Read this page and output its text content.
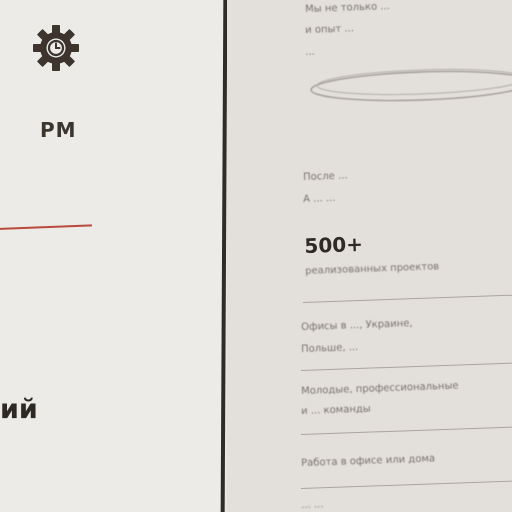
PM
ий
Мы не только ...
и опыт ...
...
После ...
А ... ...
500+
реализованных проектов
Офисы в ..., Украине,
Польше, ...
Молодые, профессиональные
и ... команды
Работа в офисе или дома
... ...
